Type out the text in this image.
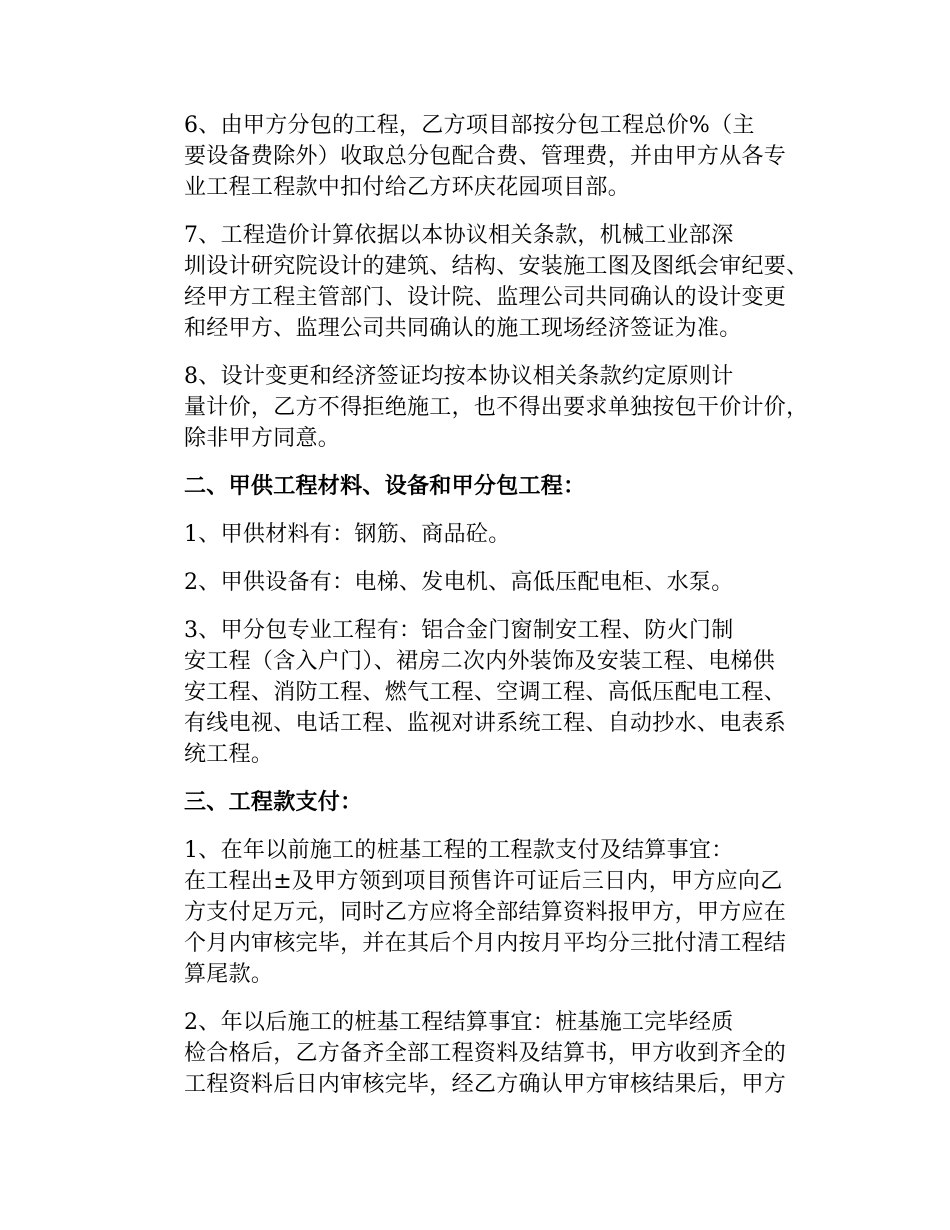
6、由甲方分包的工程，乙方项目部按分包工程总价%（主
要设备费除外）收取总分包配合费、管理费，并由甲方从各专
业工程工程款中扣付给乙方环庆花园项目部。
7、工程造价计算依据以本协议相关条款，机械工业部深
圳设计研究院设计的建筑、结构、安装施工图及图纸会审纪要、
经甲方工程主管部门、设计院、监理公司共同确认的设计变更
和经甲方、监理公司共同确认的施工现场经济签证为准。
8、设计变更和经济签证均按本协议相关条款约定原则计
量计价，乙方不得拒绝施工，也不得出要求单独按包干价计价，
除非甲方同意。
二、甲供工程材料、设备和甲分包工程：
1、甲供材料有：钢筋、商品砼。
2、甲供设备有：电梯、发电机、高低压配电柜、水泵。
3、甲分包专业工程有：铝合金门窗制安工程、防火门制
安工程（含入户门）、裙房二次内外装饰及安装工程、电梯供
安工程、消防工程、燃气工程、空调工程、高低压配电工程、
有线电视、电话工程、监视对讲系统工程、自动抄水、电表系
统工程。
三、工程款支付：
1、在年以前施工的桩基工程的工程款支付及结算事宜：
在工程出±及甲方领到项目预售许可证后三日内，甲方应向乙
方支付足万元，同时乙方应将全部结算资料报甲方，甲方应在
个月内审核完毕，并在其后个月内按月平均分三批付清工程结
算尾款。
2、年以后施工的桩基工程结算事宜：桩基施工完毕经质
检合格后，乙方备齐全部工程资料及结算书，甲方收到齐全的
工程资料后日内审核完毕，经乙方确认甲方审核结果后，甲方
